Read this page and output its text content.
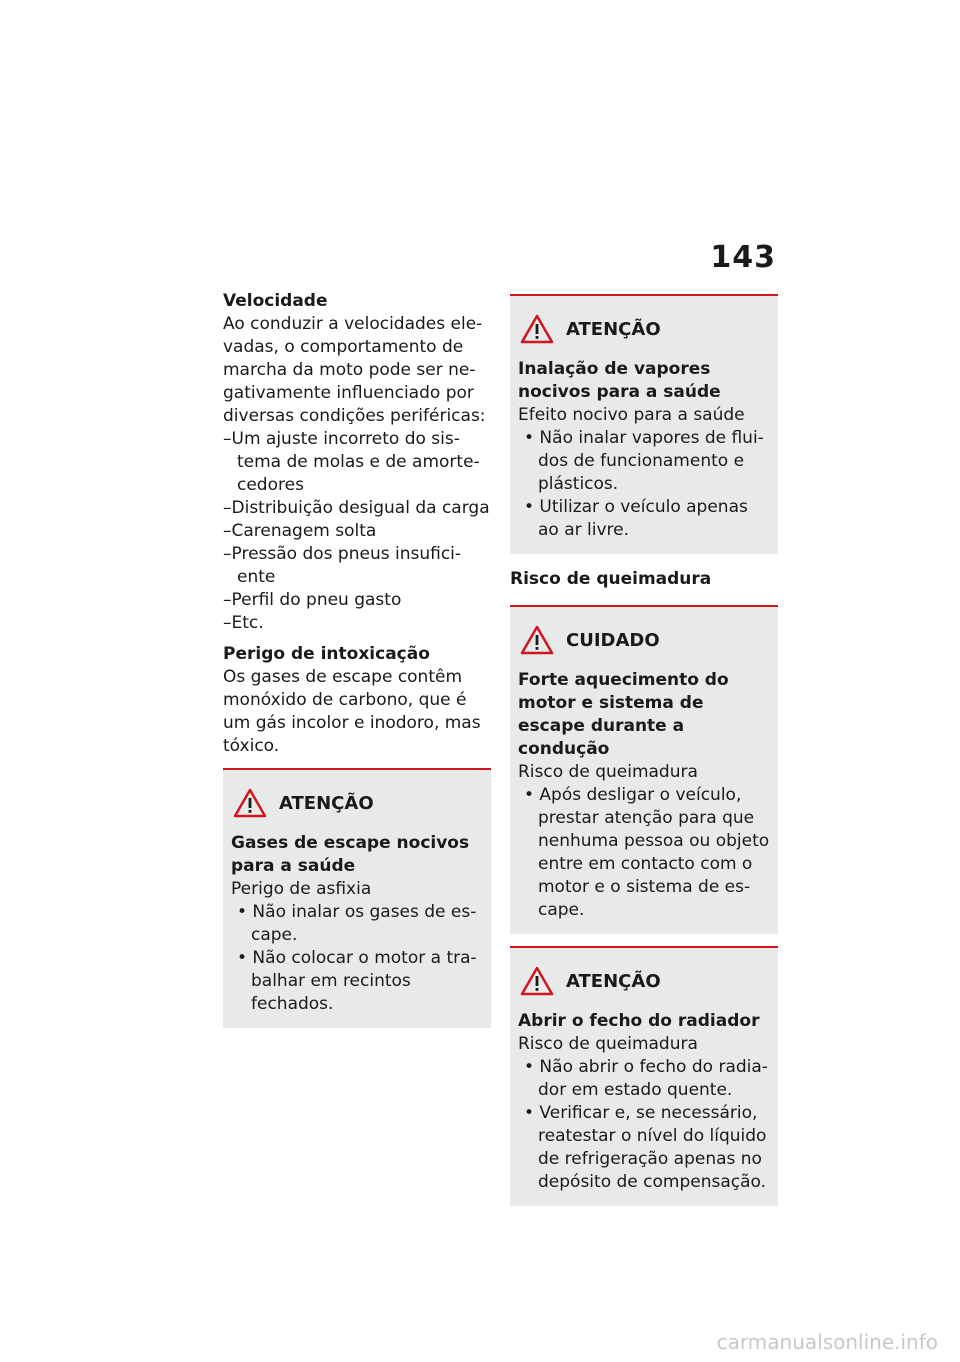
143

Velocidade

Ao conduzir a velocidades ele-vadas, o comportamento de marcha da moto pode ser ne-gativamente influenciado por diversas condições periféricas:

–Um ajuste incorreto do sis-tema de molas e de amorte-cedores
–Distribuição desigual da carga
–Carenagem solta
–Pressão dos pneus insufici-ente
–Perfil do pneu gasto
–Etc.

Perigo de intoxicação

Os gases de escape contêm monóxido de carbono, que é um gás incolor e inodoro, mas tóxico.

ATENÇÃO

Gases de escape nocivos para a saúde

Perigo de asfixia

• Não inalar os gases de es-cape.
• Não colocar o motor a tra-balhar em recintos fechados.
ATENÇÃO

Inalação de vapores nocivos para a saúde

Efeito nocivo para a saúde

• Não inalar vapores de flui-dos de funcionamento e plásticos.
• Utilizar o veículo apenas ao ar livre.

Risco de queimadura

CUIDADO

Forte aquecimento do motor e sistema de escape durante a condução

Risco de queimadura

• Após desligar o veículo, prestar atenção para que nenhuma pessoa ou objeto entre em contacto com o motor e o sistema de es-cape.
ATENÇÃO

Abrir o fecho do radiador

Risco de queimadura

• Não abrir o fecho do radia-dor em estado quente.
• Verificar e, se necessário, reatestar o nível do líquido de refrigeração apenas no depósito de compensação.
carmanualsonline.info
